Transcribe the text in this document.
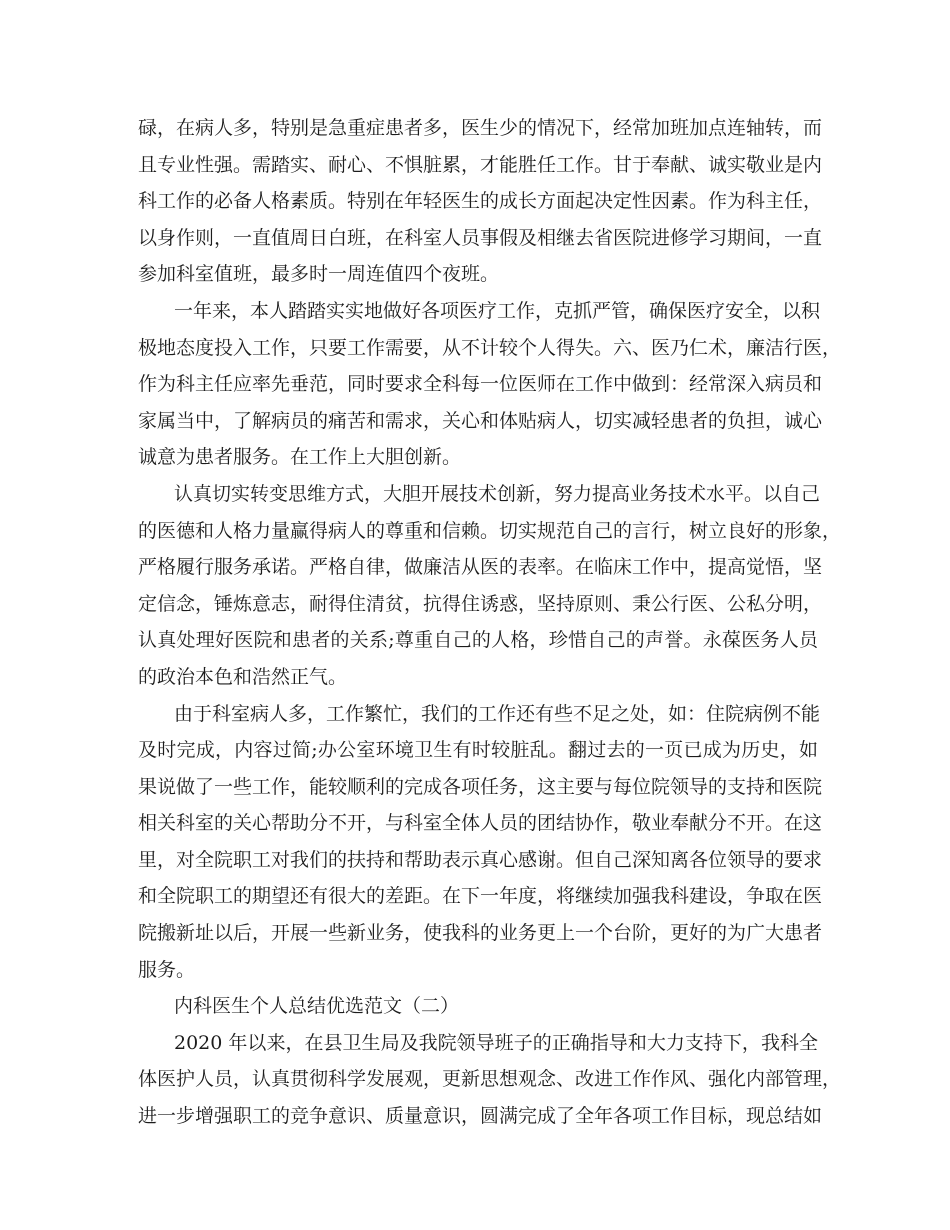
碌，在病人多，特别是急重症患者多，医生少的情况下，经常加班加点连轴转，而
且专业性强。需踏实、耐心、不惧脏累，才能胜任工作。甘于奉献、诚实敬业是内
科工作的必备人格素质。特别在年轻医生的成长方面起决定性因素。作为科主任，
以身作则，一直值周日白班，在科室人员事假及相继去省医院进修学习期间，一直
参加科室值班，最多时一周连值四个夜班。
一年来，本人踏踏实实地做好各项医疗工作，克抓严管，确保医疗安全，以积
极地态度投入工作，只要工作需要，从不计较个人得失。六、医乃仁术，廉洁行医，
作为科主任应率先垂范，同时要求全科每一位医师在工作中做到：经常深入病员和
家属当中，了解病员的痛苦和需求，关心和体贴病人，切实减轻患者的负担，诚心
诚意为患者服务。在工作上大胆创新。
认真切实转变思维方式，大胆开展技术创新，努力提高业务技术水平。以自己
的医德和人格力量赢得病人的尊重和信赖。切实规范自己的言行，树立良好的形象，
严格履行服务承诺。严格自律，做廉洁从医的表率。在临床工作中，提高觉悟，坚
定信念，锤炼意志，耐得住清贫，抗得住诱惑，坚持原则、秉公行医、公私分明，
认真处理好医院和患者的关系;尊重自己的人格，珍惜自己的声誉。永葆医务人员
的政治本色和浩然正气。
由于科室病人多，工作繁忙，我们的工作还有些不足之处，如：住院病例不能
及时完成，内容过简;办公室环境卫生有时较脏乱。翻过去的一页已成为历史，如
果说做了一些工作，能较顺利的完成各项任务，这主要与每位院领导的支持和医院
相关科室的关心帮助分不开，与科室全体人员的团结协作，敬业奉献分不开。在这
里，对全院职工对我们的扶持和帮助表示真心感谢。但自己深知离各位领导的要求
和全院职工的期望还有很大的差距。在下一年度，将继续加强我科建设，争取在医
院搬新址以后，开展一些新业务，使我科的业务更上一个台阶，更好的为广大患者
服务。
内科医生个人总结优选范文（二）
2020 年以来，在县卫生局及我院领导班子的正确指导和大力支持下，我科全
体医护人员，认真贯彻科学发展观，更新思想观念、改进工作作风、强化内部管理，
进一步增强职工的竞争意识、质量意识，圆满完成了全年各项工作目标，现总结如
